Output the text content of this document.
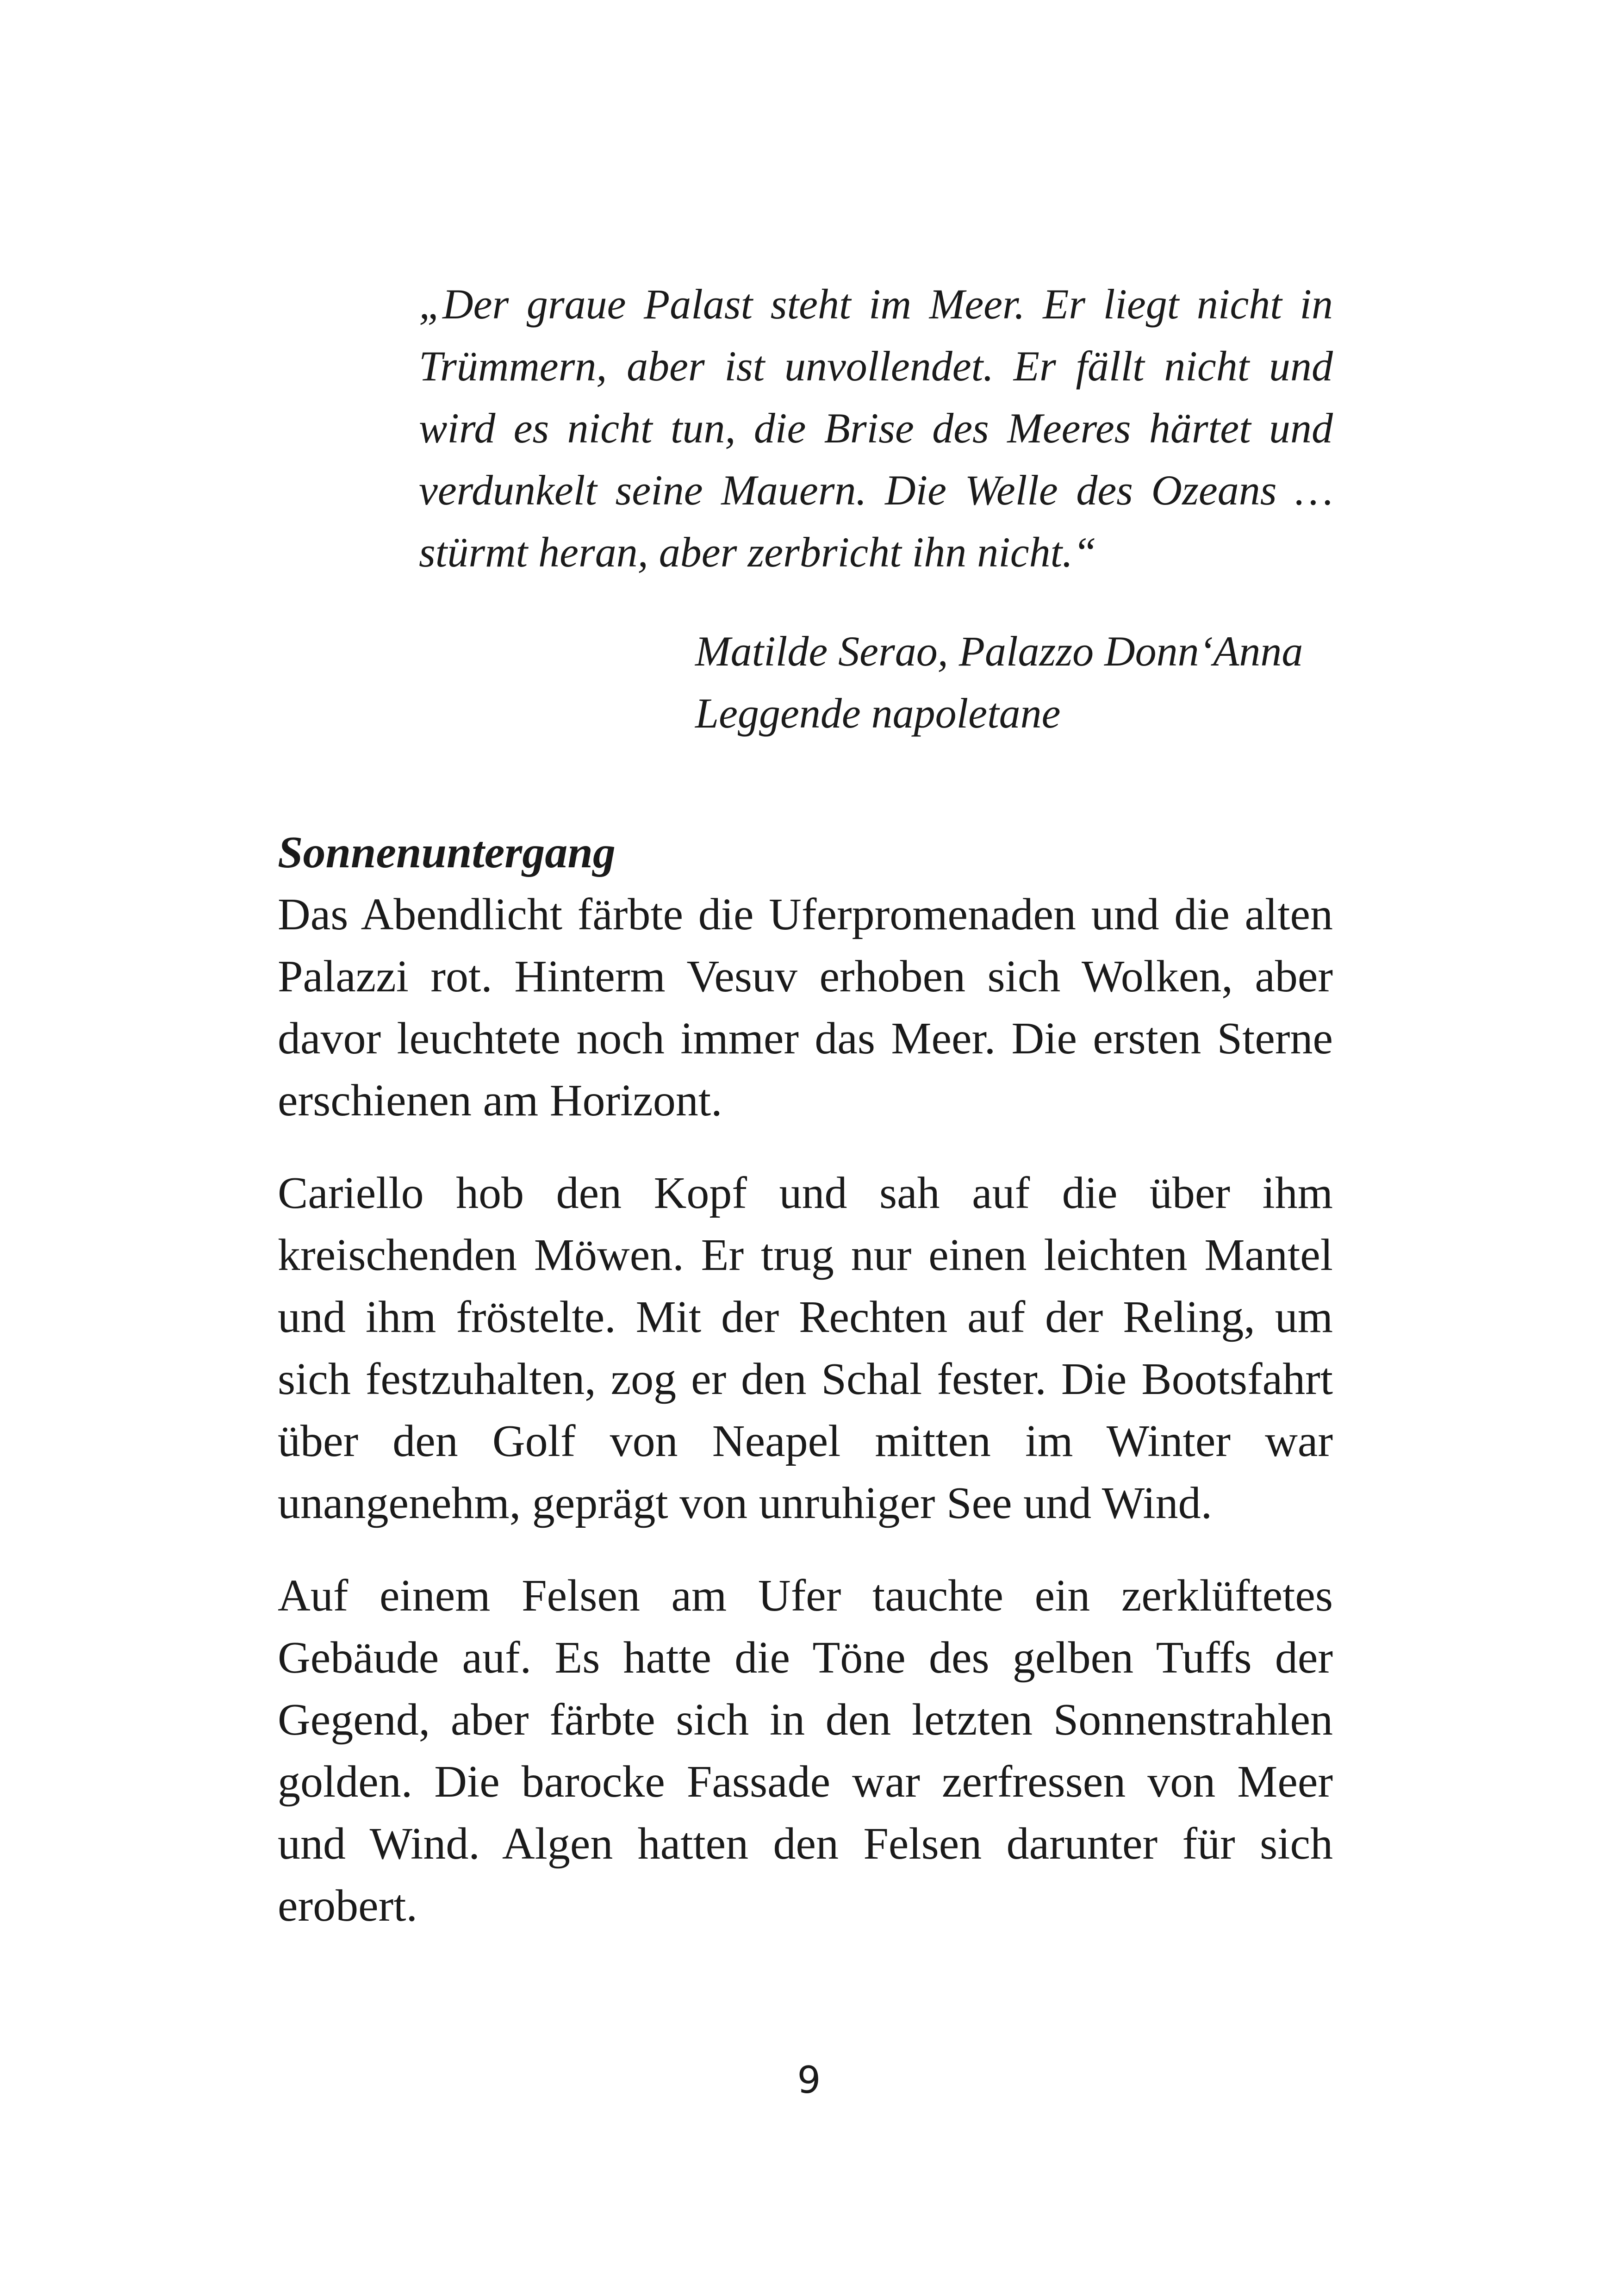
„Der graue Palast steht im Meer. Er liegt nicht in Trümmern, aber ist unvollendet. Er fällt nicht und wird es nicht tun, die Brise des Meeres härtet und verdunkelt seine Mauern. Die Welle des Ozeans … stürmt heran, aber zerbricht ihn nicht.“
Matilde Serao, Palazzo Donn‘Anna
Leggende napoletane
Sonnenuntergang

Das Abendlicht färbte die Uferpromenaden und die alten Palazzi rot. Hinterm Vesuv erhoben sich Wolken, aber davor leuchtete noch immer das Meer. Die ersten Sterne erschienen am Horizont.

Cariello hob den Kopf und sah auf die über ihm kreischenden Möwen. Er trug nur einen leichten Mantel und ihm fröstelte. Mit der Rechten auf der Reling, um sich festzuhalten, zog er den Schal fester. Die Bootsfahrt über den Golf von Neapel mitten im Winter war unangenehm, geprägt von unruhiger See und Wind.

Auf einem Felsen am Ufer tauchte ein zerklüftetes Gebäude auf. Es hatte die Töne des gelben Tuffs der Gegend, aber färbte sich in den letzten Sonnenstrahlen golden. Die barocke Fassade war zerfressen von Meer und Wind. Algen hatten den Felsen darunter für sich erobert.

9
